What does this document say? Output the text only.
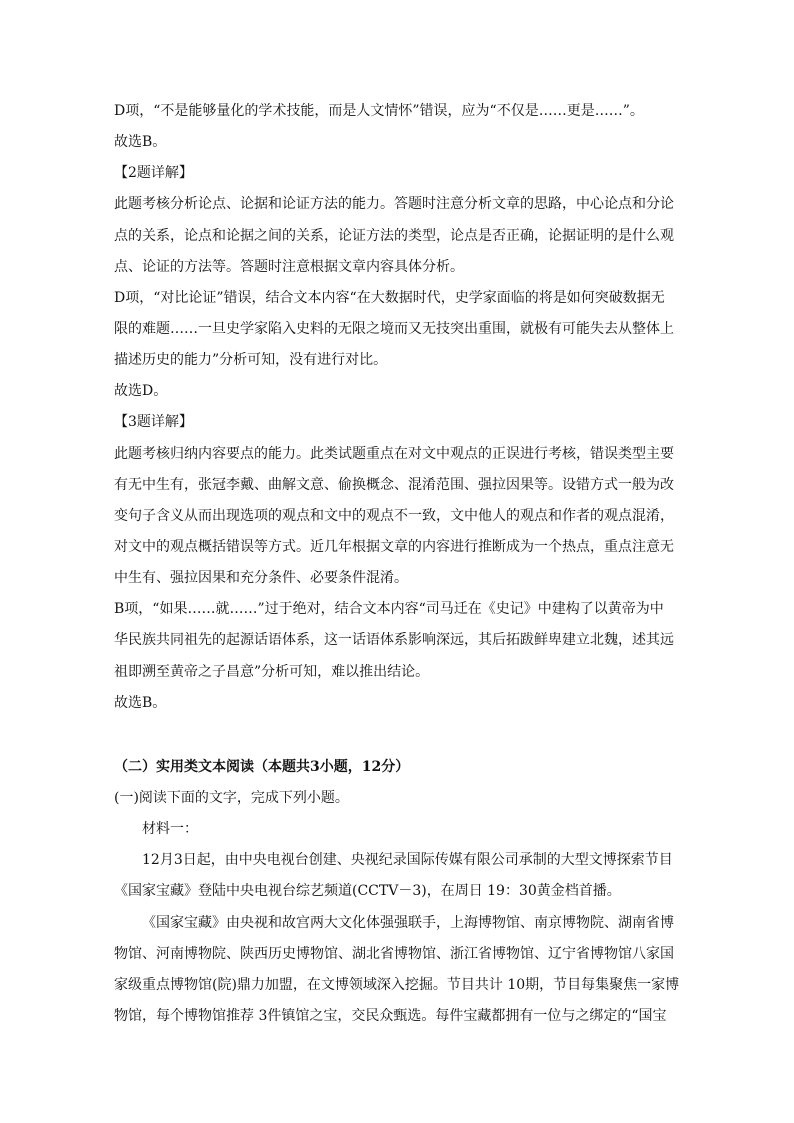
D项，“不是能够量化的学术技能，而是人文情怀”错误，应为“不仅是……更是……”。
故选B。
【2题详解】
此题考核分析论点、论据和论证方法的能力。答题时注意分析文章的思路，中心论点和分论
点的关系，论点和论据之间的关系，论证方法的类型，论点是否正确，论据证明的是什么观
点、论证的方法等。答题时注意根据文章内容具体分析。
D项，“对比论证”错误，结合文本内容“在大数据时代，史学家面临的将是如何突破数据无
限的难题……一旦史学家陷入史料的无限之境而又无技突出重围，就极有可能失去从整体上
描述历史的能力”分析可知，没有进行对比。
故选D。
【3题详解】
此题考核归纳内容要点的能力。此类试题重点在对文中观点的正误进行考核，错误类型主要
有无中生有，张冠李戴、曲解文意、偷换概念、混淆范围、强拉因果等。设错方式一般为改
变句子含义从而出现选项的观点和文中的观点不一致，文中他人的观点和作者的观点混淆，
对文中的观点概括错误等方式。近几年根据文章的内容进行推断成为一个热点，重点注意无
中生有、强拉因果和充分条件、必要条件混淆。
B项，“如果……就……”过于绝对，结合文本内容“司马迁在《史记》中建构了以黄帝为中
华民族共同祖先的起源话语体系，这一话语体系影响深远，其后拓跋鲜卑建立北魏，述其远
祖即溯至黄帝之子昌意”分析可知，难以推出结论。
故选B。
（二）实用类文本阅读（本题共3小题，12分）
(一)阅读下面的文字，完成下列小题。
材料一：
12月3日起，由中央电视台创建、央视纪录国际传媒有限公司承制的大型文博探索节目
《国家宝藏》登陆中央电视台综艺频道(CCTV－3)，在周日 19：30黄金档首播。
《国家宝藏》由央视和故宫两大文化体强强联手，上海博物馆、南京博物院、湖南省博
物馆、河南博物院、陕西历史博物馆、湖北省博物馆、浙江省博物馆、辽宁省博物馆八家国
家级重点博物馆(院)鼎力加盟，在文博领域深入挖掘。节目共计 10期，节目每集聚焦一家博
物馆，每个博物馆推荐 3件镇馆之宝，交民众甄选。每件宝藏都拥有一位与之绑定的“国宝
